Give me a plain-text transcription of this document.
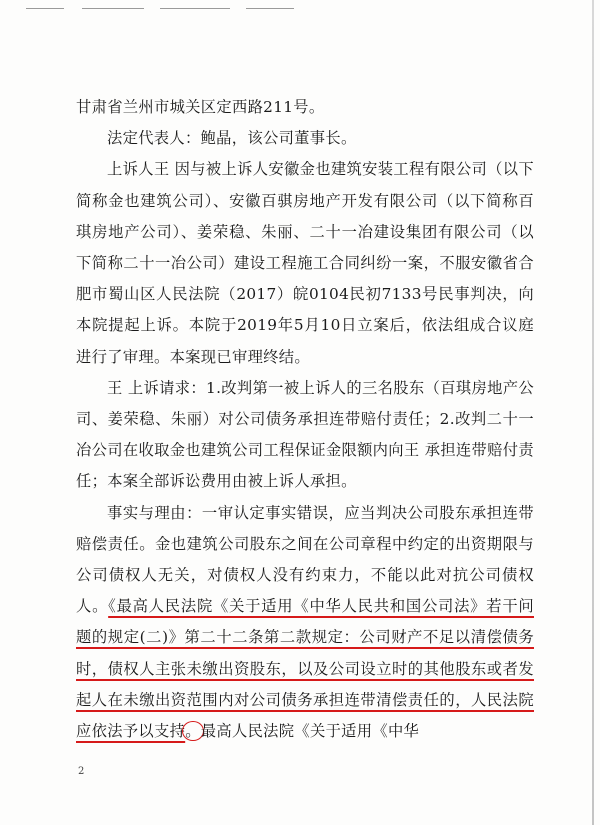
甘肃省兰州市城关区定西路211号。

法定代表人：鲍晶，该公司董事长。

上诉人王 因与被上诉人安徽金也建筑安装工程有限公司（以下简称金也建筑公司）、安徽百骐房地产开发有限公司（以下简称百琪房地产公司）、姜荣稳、朱丽、二十一冶建设集团有限公司（以下简称二十一冶公司）建设工程施工合同纠纷一案，不服安徽省合肥市蜀山区人民法院（2017）皖0104民初7133号民事判决，向本院提起上诉。本院于2019年5月10日立案后，依法组成合议庭进行了审理。本案现已审理终结。

王 上诉请求：1.改判第一被上诉人的三名股东（百琪房地产公司、姜荣稳、朱丽）对公司债务承担连带赔付责任；2.改判二十一冶公司在收取金也建筑公司工程保证金限额内向王 承担连带赔付责任；本案全部诉讼费用由被上诉人承担。

事实与理由：一审认定事实错误，应当判决公司股东承担连带赔偿责任。金也建筑公司股东之间在公司章程中约定的出资期限与公司债权人无关，对债权人没有约束力，不能以此对抗公司债权人。《最高人民法院《关于适用《中华人民共和国公司法》若干问题的规定(二)》第二十二条第二款规定：公司财产不足以清偿债务时，债权人主张未缴出资股东，以及公司设立时的其他股东或者发起人在未缴出资范围内对公司债务承担连带清偿责任的，人民法院应依法予以支持。最高人民法院《关于适用《中华

2
